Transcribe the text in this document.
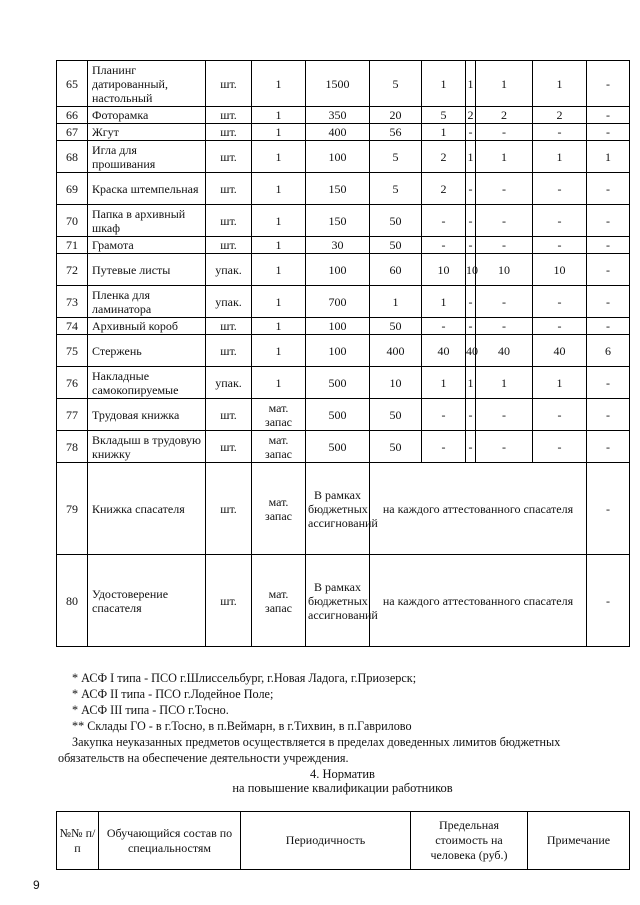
65	Планинг датированный, настольный	шт.	1	1500	5	1	1	1	1	-
66	Фоторамка	шт.	1	350	20	5	2	2	2	-
67	Жгут	шт.	1	400	56	1	-	-	-	-
68	Игла для прошивания	шт.	1	100	5	2	1	1	1	1
69	Краска штемпельная	шт.	1	150	5	2	-	-	-	-
70	Папка в архивный шкаф	шт.	1	150	50	-	-	-	-	-
71	Грамота	шт.	1	30	50	-	-	-	-	-
72	Путевые листы	упак.	1	100	60	10	10	10	10	-
73	Пленка для ламинатора	упак.	1	700	1	1	-	-	-	-
74	Архивный короб	шт.	1	100	50	-	-	-	-	-
75	Стержень	шт.	1	100	400	40	40	40	40	6
76	Накладные самокопируемые	упак.	1	500	10	1	1	1	1	-
77	Трудовая книжка	шт.	мат. запас	500	50	-	-	-	-	-
78	Вкладыш в трудовую книжку	шт.	мат. запас	500	50	-	-	-	-	-
79	Книжка спасателя	шт.	мат. запас	В рамках бюджетных ассигнований	на каждого аттестованного спасателя					-
80	Удостоверение спасателя	шт.	мат. запас	В рамках бюджетных ассигнований	на каждого аттестованного спасателя					-
* АСФ I типа - ПСО г.Шлиссельбург, г.Новая Ладога, г.Приозерск;
* АСФ II типа - ПСО г.Лодейное Поле;
* АСФ III типа - ПСО г.Тосно.
** Склады ГО - в г.Тосно, в п.Веймарн, в г.Тихвин, в п.Гаврилово
Закупка неуказанных предметов осуществляется в пределах доведенных лимитов бюджетных обязательств на обеспечение деятельности учреждения.
4. Норматив
на повышение квалификации работников
№№ п/п	Обучающийся состав по специальностям	Периодичность	Предельная стоимость на человека (руб.)	Примечание
9
